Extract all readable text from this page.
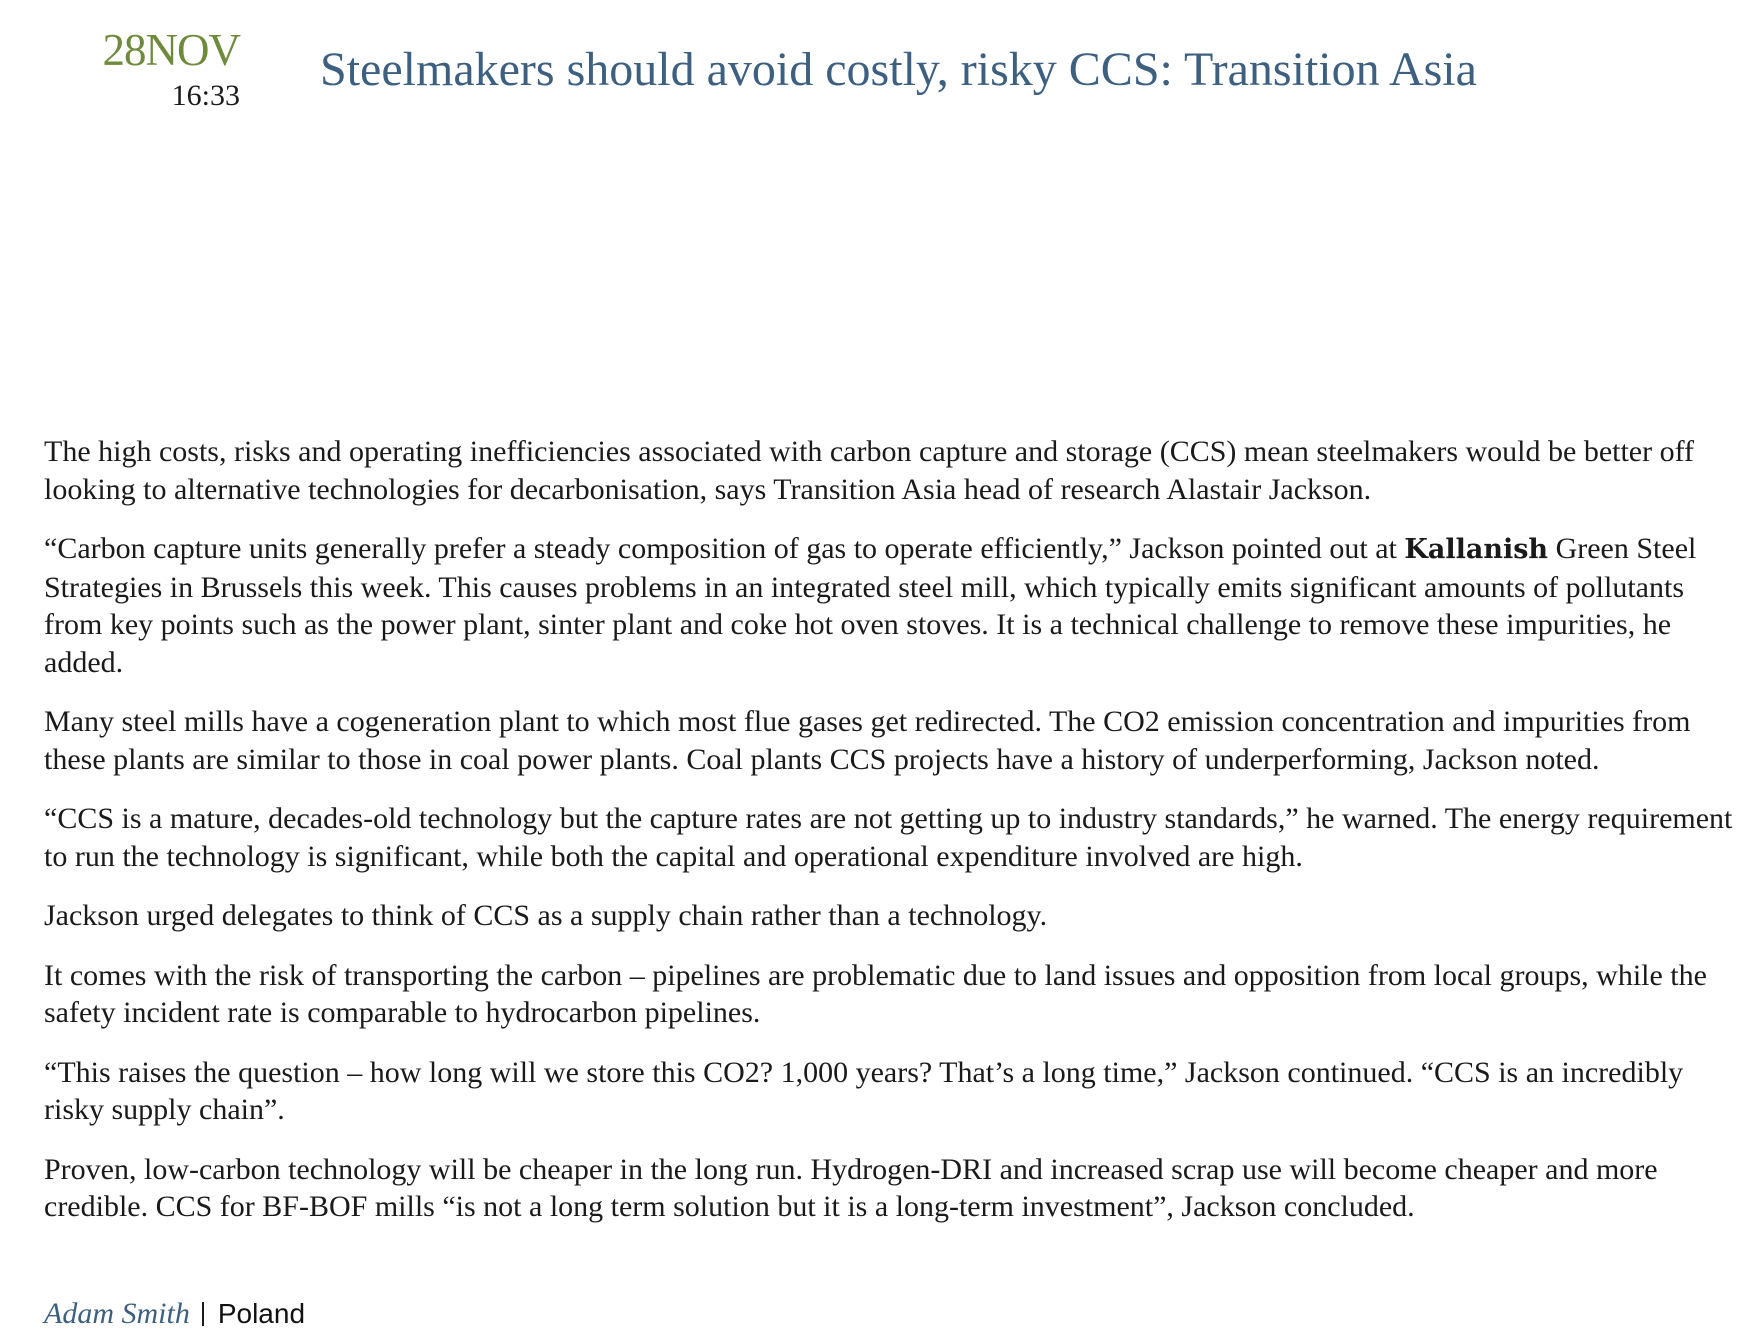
28NOV
16:33 Steelmakers should avoid costly, risky CCS: Transition Asia

The high costs, risks and operating inefficiencies associated with carbon capture and storage (CCS) mean steelmakers would be better off looking to alternative technologies for decarbonisation, says Transition Asia head of research Alastair Jackson.

“Carbon capture units generally prefer a steady composition of gas to operate efficiently,” Jackson pointed out at Kallanish Green Steel Strategies in Brussels this week. This causes problems in an integrated steel mill, which typically emits significant amounts of pollutants from key points such as the power plant, sinter plant and coke hot oven stoves. It is a technical challenge to remove these impurities, he added.

Many steel mills have a cogeneration plant to which most flue gases get redirected. The CO2 emission concentration and impurities from these plants are similar to those in coal power plants. Coal plants CCS projects have a history of underperforming, Jackson noted.

“CCS is a mature, decades-old technology but the capture rates are not getting up to industry standards,” he warned. The energy requirement to run the technology is significant, while both the capital and operational expenditure involved are high.

Jackson urged delegates to think of CCS as a supply chain rather than a technology.

It comes with the risk of transporting the carbon – pipelines are problematic due to land issues and opposition from local groups, while the safety incident rate is comparable to hydrocarbon pipelines.

“This raises the question – how long will we store this CO2? 1,000 years? That’s a long time,” Jackson continued. “CCS is an incredibly risky supply chain”.

Proven, low-carbon technology will be cheaper in the long run. Hydrogen-DRI and increased scrap use will become cheaper and more credible. CCS for BF-BOF mills “is not a long term solution but it is a long-term investment”, Jackson concluded.

Adam Smith Poland
